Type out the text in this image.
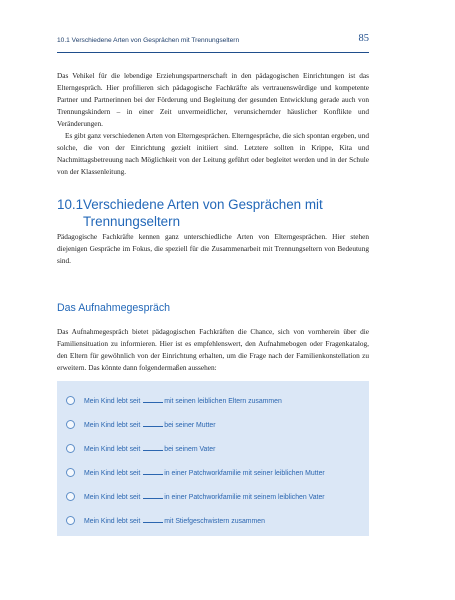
10.1 Verschiedene Arten von Gesprächen mit Trennungseltern	85

Das Vehikel für die lebendige Erziehungspartnerschaft in den pädagogischen Einrichtungen ist das Elterngespräch. Hier profilieren sich pädagogische Fachkräfte als vertrauenswürdige und kompetente Partner und Partnerinnen bei der Förderung und Begleitung der gesunden Entwicklung gerade auch von Trennungskindern – in einer Zeit unvermeidlicher, verunsichernder häuslicher Konflikte und Veränderungen.

Es gibt ganz verschiedenen Arten von Elterngesprächen. Elterngespräche, die sich spontan ergeben, und solche, die von der Einrichtung gezielt initiiert sind. Letztere sollten in Krippe, Kita und Nachmittagsbetreuung nach Möglichkeit von der Leitung geführt oder begleitet werden und in der Schule von der Klassenleitung.

10.1Verschiedene Arten von Gesprächen mit
Trennungseltern

Pädagogische Fachkräfte kennen ganz unterschiedliche Arten von Elterngesprächen. Hier stehen diejenigen Gespräche im Fokus, die speziell für die Zusammenarbeit mit Trennungseltern von Bedeutung sind.

Das Aufnahmegespräch

Das Aufnahmegespräch bietet pädagogischen Fachkräften die Chance, sich von vornherein über die Familiensituation zu informieren. Hier ist es empfehlenswert, den Aufnahmebogen oder Fragenkatalog, den Eltern für gewöhnlich von der Einrichtung erhalten, um die Frage nach der Familienkonstellation zu erweitern. Das könnte dann folgendermaßen aussehen:

Mein Kind lebt seit	mit seinen leiblichen Eltern zusammen
Mein Kind lebt seit	bei seiner Mutter
Mein Kind lebt seit	bei seinem Vater
Mein Kind lebt seit	in einer Patchworkfamilie mit seiner leiblichen Mutter
Mein Kind lebt seit	in einer Patchworkfamilie mit seinem leiblichen Vater
Mein Kind lebt seit	mit Stiefgeschwistern zusammen
